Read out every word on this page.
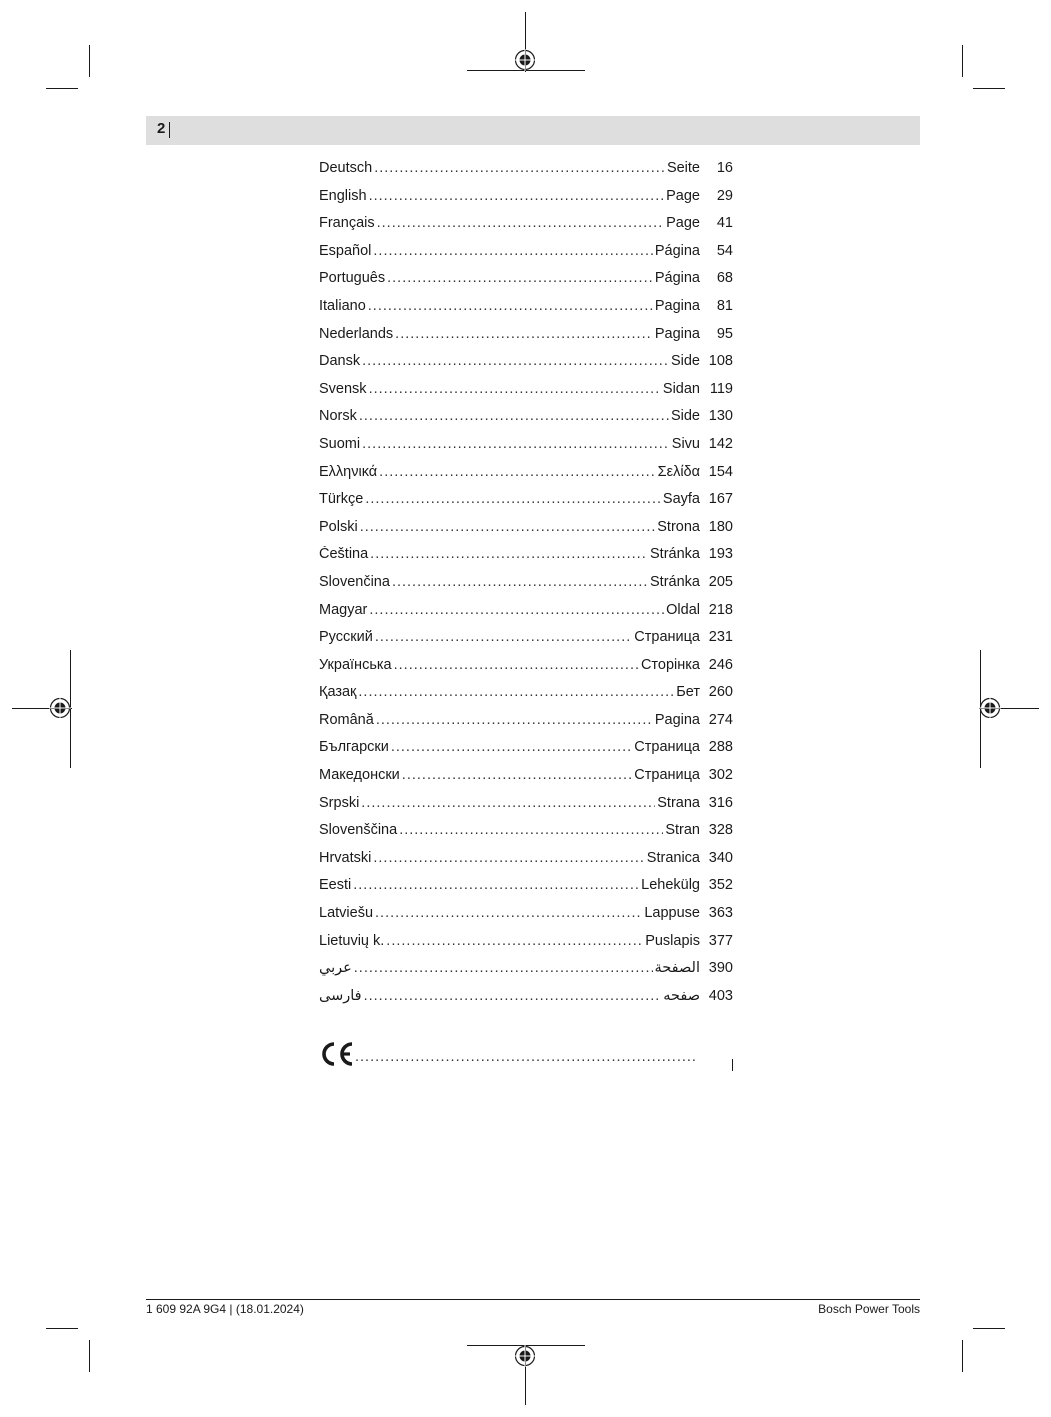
2
Deutsch .....	Seite	16
English .....	Page	29
Français .....	Page	41
Español .....	Página	54
Português .....	Página	68
Italiano .....	Pagina	81
Nederlands .....	Pagina	95
Dansk .....	Side 108
Svensk .....	Sidan 119
Norsk .....	Side 130
Suomi .....	Sivu 142
Ελληνικά .....	Σελίδα 154
Türkçe .....	Sayfa 167
Polski .....	Strona 180
Čeština .....	Stránka 193
Slovenčina .....	Stránka 205
Magyar .....	Oldal 218
Русский .....	Страница 231
Українська .....	Сторінка 246
Қазақ .....	Бет 260
Română .....	Pagina 274
Български .....	Страница 288
Македонски .....	Страница 302
Srpski .....	Strana 316
Slovenščina .....	Stran 328
Hrvatski .....	Stranica 340
Eesti .....	Lehekülg 352
Latviešu .....	Lappuse 363
Lietuvių k. .....	Puslapis 377
عربي .....	الصفحة 390
فارسی .....	صفحه 403
.....
1 609 92A 9G4 | (18.01.2024)	Bosch Power Tools
